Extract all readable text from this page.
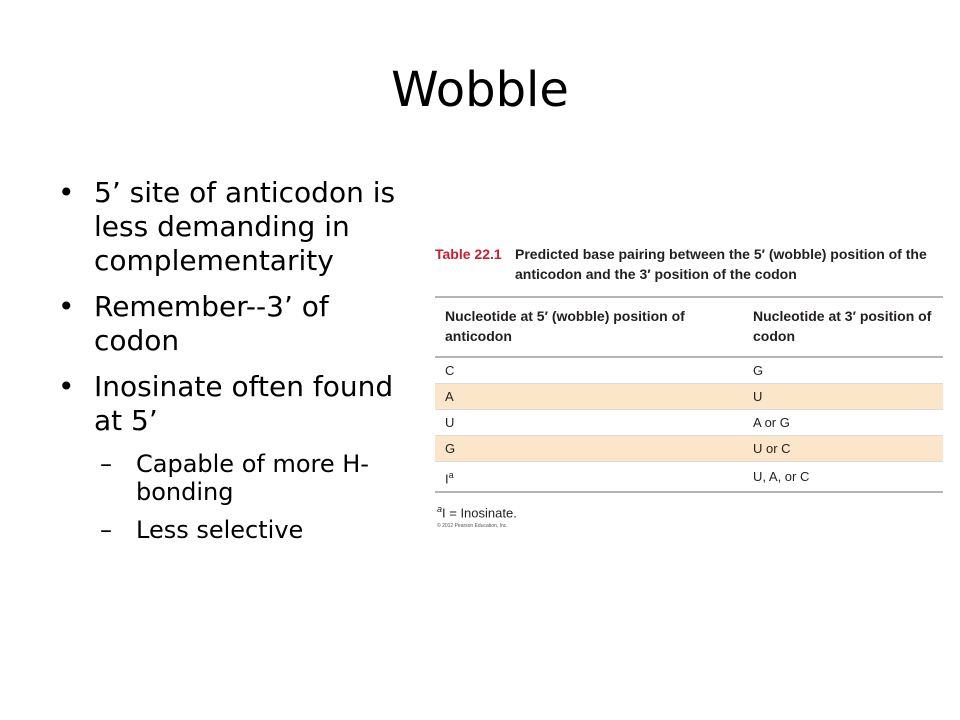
Wobble
• 5’ site of anticodon is less demanding in complementarity
• Remember--3’ of codon
• Inosinate often found at 5’
– Capable of more H-bonding
– Less selective
Table 22.1 Predicted base pairing between the 5′ (wobble) position of the anticodon and the 3′ position of the codon
Nucleotide at 5′ (wobble) position of anticodon	Nucleotide at 3′ position of codon
C	G
A	U
U	A or G
G	U or C
$I^a$	U, A, or C
$^a$I = Inosinate.
© 2012 Pearson Education, Inc.
